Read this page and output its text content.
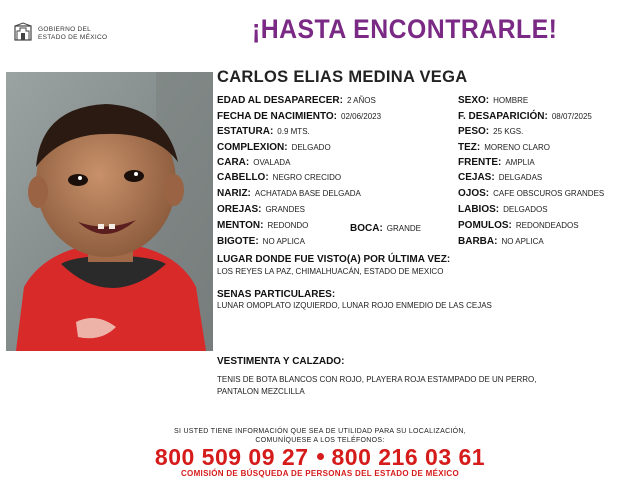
GOBIERNO DEL
ESTADO DE MÉXICO	¡HASTA ENCONTRARLE!
CARLOS ELIAS MEDINA VEGA
EDAD AL DESAPARECER: 2 AÑOS
FECHA DE NACIMIENTO: 02/06/2023
ESTATURA: 0.9 MTS.
COMPLEXION: DELGADO
CARA: OVALADA
CABELLO: NEGRO CRECIDO
NARIZ: ACHATADA BASE DELGADA
OREJAS: GRANDES
MENTON: REDONDO	BOCA: GRANDE
BIGOTE: NO APLICA
SEXO: HOMBRE
F. DESAPARICIÓN: 08/07/2025
PESO: 25 KGS.
TEZ: MORENO CLARO
FRENTE: AMPLIA
CEJAS: DELGADAS
OJOS: CAFE OBSCUROS GRANDES
LABIOS: DELGADOS
POMULOS: REDONDEADOS
BARBA: NO APLICA
LUGAR DONDE FUE VISTO(A) POR ÚLTIMA VEZ:
LOS REYES LA PAZ, CHIMALHUACÁN, ESTADO DE MEXICO
SENAS PARTICULARES:
LUNAR OMOPLATO IZQUIERDO, LUNAR ROJO ENMEDIO DE LAS CEJAS
VESTIMENTA Y CALZADO:
TENIS DE BOTA BLANCOS CON ROJO, PLAYERA ROJA ESTAMPADO DE UN PERRO,
PANTALON MEZCLILLA
SI USTED TIENE INFORMACIÓN QUE SEA DE UTILIDAD PARA SU LOCALIZACIÓN,
COMUNÍQUESE A LOS TELÉFONOS:
800 509 09 27 800 216 03 61
COMISIÓN DE BÚSQUEDA DE PERSONAS DEL ESTADO DE MÉXICO
